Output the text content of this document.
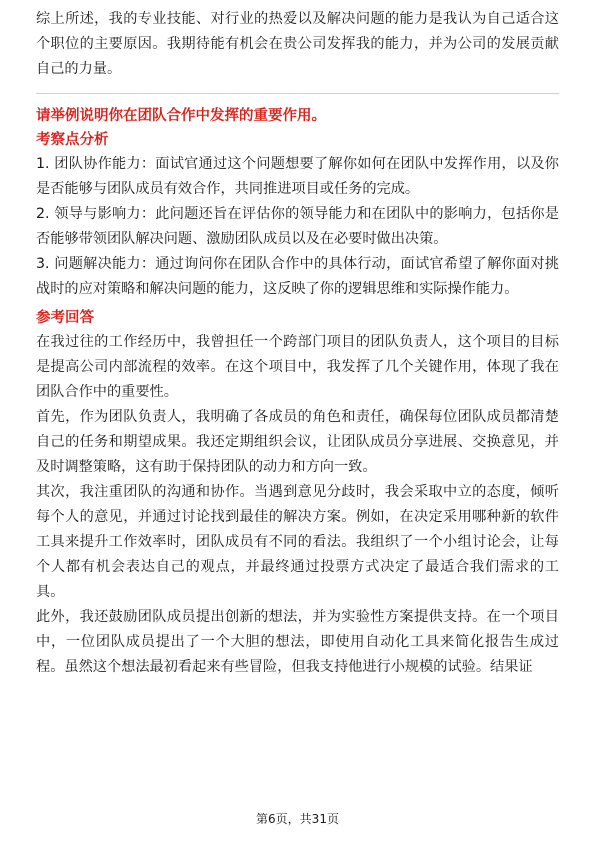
综上所述，我的专业技能、对行业的热爱以及解决问题的能力是我认为自己适合这个职位的主要原因。我期待能有机会在贵公司发挥我的能力，并为公司的发展贡献自己的力量。

请举例说明你在团队合作中发挥的重要作用。

考察点分析

1. 团队协作能力：面试官通过这个问题想要了解你如何在团队中发挥作用，以及你是否能够与团队成员有效合作，共同推进项目或任务的完成。

2. 领导与影响力：此问题还旨在评估你的领导能力和在团队中的影响力，包括你是否能够带领团队解决问题、激励团队成员以及在必要时做出决策。

3. 问题解决能力：通过询问你在团队合作中的具体行动，面试官希望了解你面对挑战时的应对策略和解决问题的能力，这反映了你的逻辑思维和实际操作能力。

参考回答

在我过往的工作经历中，我曾担任一个跨部门项目的团队负责人，这个项目的目标是提高公司内部流程的效率。在这个项目中，我发挥了几个关键作用，体现了我在团队合作中的重要性。

首先，作为团队负责人，我明确了各成员的角色和责任，确保每位团队成员都清楚自己的任务和期望成果。我还定期组织会议，让团队成员分享进展、交换意见，并及时调整策略，这有助于保持团队的动力和方向一致。

其次，我注重团队的沟通和协作。当遇到意见分歧时，我会采取中立的态度，倾听每个人的意见，并通过讨论找到最佳的解决方案。例如，在决定采用哪种新的软件工具来提升工作效率时，团队成员有不同的看法。我组织了一个小组讨论会，让每个人都有机会表达自己的观点，并最终通过投票方式决定了最适合我们需求的工具。

此外，我还鼓励团队成员提出创新的想法，并为实验性方案提供支持。在一个项目中，一位团队成员提出了一个大胆的想法，即使用自动化工具来简化报告生成过程。虽然这个想法最初看起来有些冒险，但我支持他进行小规模的试验。结果证

第6页，共31页
